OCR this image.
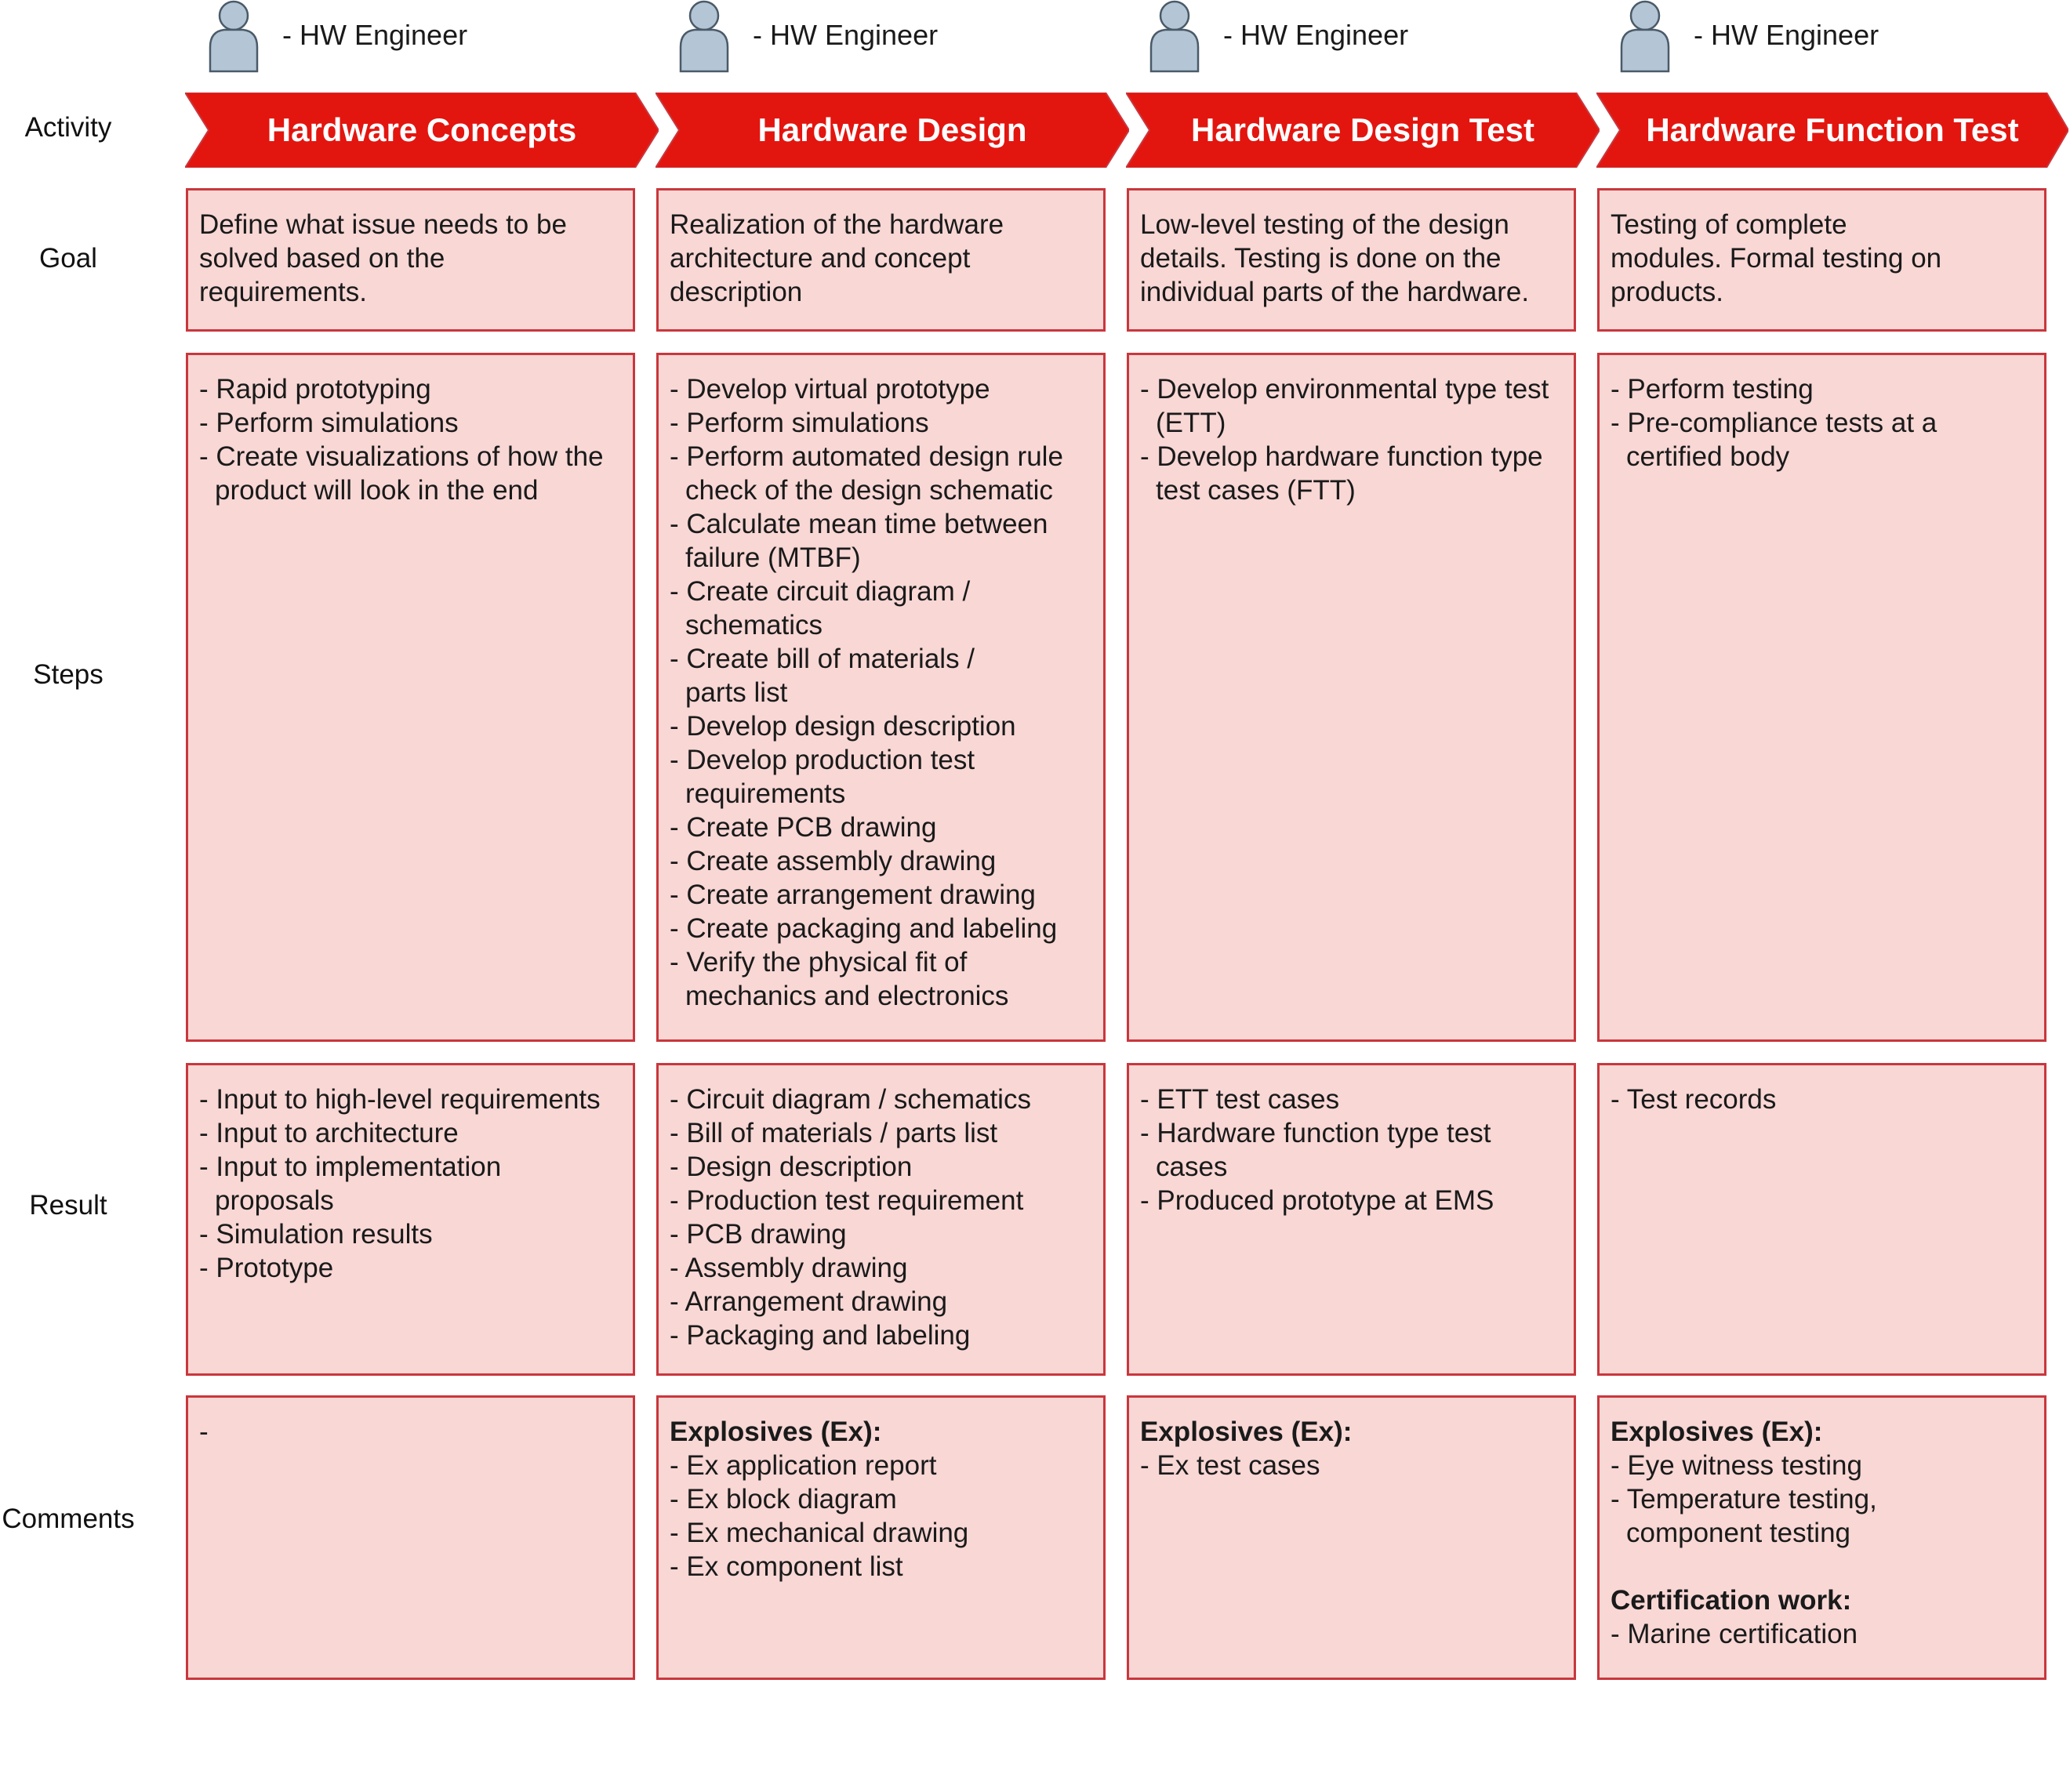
Activity
Goal
Steps
Result
Comments
- HW Engineer
Hardware Concepts
Define what issue needs to be
solved based on the
requirements.
- Rapid prototyping
- Perform simulations
- Create visualizations of how the
product will look in the end
- Input to high-level requirements
- Input to architecture
- Input to implementation
proposals
- Simulation results
- Prototype
-
- HW Engineer
Hardware Design
Realization of the hardware
architecture and concept
description
- Develop virtual prototype
- Perform simulations
- Perform automated design rule
check of the design schematic
- Calculate mean time between
failure (MTBF)
- Create circuit diagram /
schematics
- Create bill of materials /
parts list
- Develop design description
- Develop production test
requirements
- Create PCB drawing
- Create assembly drawing
- Create arrangement drawing
- Create packaging and labeling
- Verify the physical fit of
mechanics and electronics
- Circuit diagram / schematics
- Bill of materials / parts list
- Design description
- Production test requirement
- PCB drawing
- Assembly drawing
- Arrangement drawing
- Packaging and labeling
Explosives (Ex):
- Ex application report
- Ex block diagram
- Ex mechanical drawing
- Ex component list
- HW Engineer
Hardware Design Test
Low-level testing of the design
details. Testing is done on the
individual parts of the hardware.
- Develop environmental type test
(ETT)
- Develop hardware function type
test cases (FTT)
- ETT test cases
- Hardware function type test
cases
- Produced prototype at EMS
Explosives (Ex):
- Ex test cases
- HW Engineer
Hardware Function Test
Testing of complete
modules. Formal testing on
products.
- Perform testing
- Pre-compliance tests at a
certified body
- Test records
Explosives (Ex):
- Eye witness testing
- Temperature testing,
component testing
Certification work:
- Marine certification
